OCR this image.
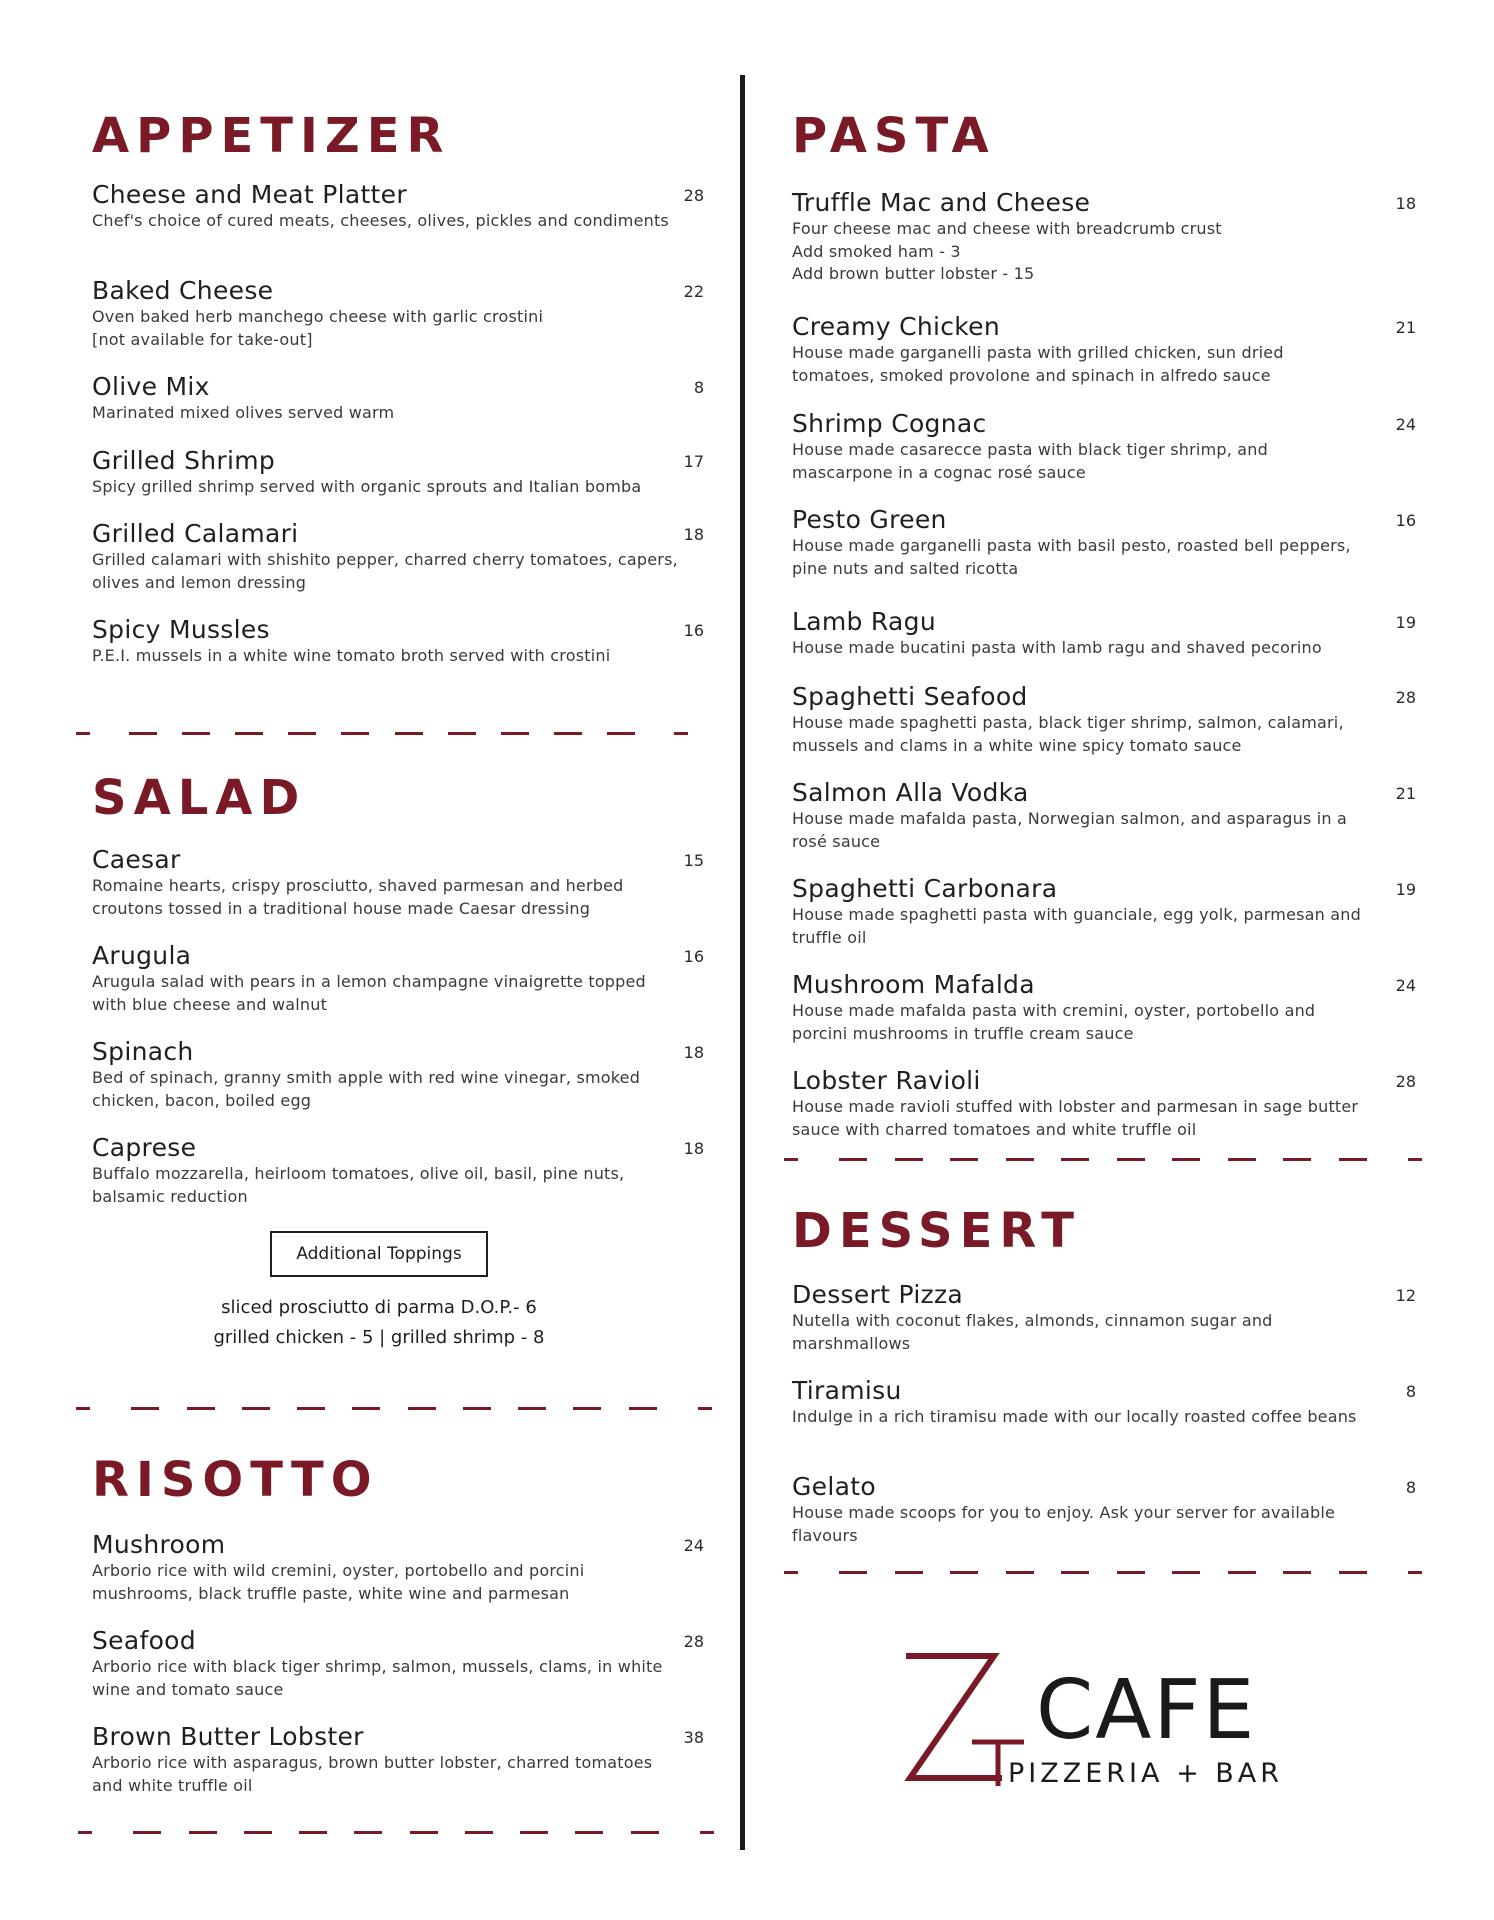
APPETIZER
Cheese and Meat Platter	28
Chef's choice of cured meats, cheeses, olives, pickles and condiments
Baked Cheese	22
Oven baked herb manchego cheese with garlic crostini
[not available for take-out]
Olive Mix	8
Marinated mixed olives served warm
Grilled Shrimp	17
Spicy grilled shrimp served with organic sprouts and Italian bomba
Grilled Calamari	18
Grilled calamari with shishito pepper, charred cherry tomatoes, capers, olives and lemon dressing
Spicy Mussles	16
P.E.I. mussels in a white wine tomato broth served with crostini
SALAD
Caesar	15
Romaine hearts, crispy prosciutto, shaved parmesan and herbed croutons tossed in a traditional house made Caesar dressing
Arugula	16
Arugula salad with pears in a lemon champagne vinaigrette topped with blue cheese and walnut
Spinach	18
Bed of spinach, granny smith apple with red wine vinegar, smoked chicken, bacon, boiled egg
Caprese	18
Buffalo mozzarella, heirloom tomatoes, olive oil, basil, pine nuts, balsamic reduction
Additional Toppings
sliced prosciutto di parma D.O.P.- 6
grilled chicken - 5 | grilled shrimp - 8
RISOTTO
Mushroom	24
Arborio rice with wild cremini, oyster, portobello and porcini mushrooms, black truffle paste, white wine and parmesan
Seafood	28
Arborio rice with black tiger shrimp, salmon, mussels, clams, in white wine and tomato sauce
Brown Butter Lobster	38
Arborio rice with asparagus, brown butter lobster, charred tomatoes and white truffle oil
PASTA
Truffle Mac and Cheese	18
Four cheese mac and cheese with breadcrumb crust
Add smoked ham - 3
Add brown butter lobster - 15
Creamy Chicken	21
House made garganelli pasta with grilled chicken, sun dried tomatoes, smoked provolone and spinach in alfredo sauce
Shrimp Cognac	24
House made casarecce pasta with black tiger shrimp, and mascarpone in a cognac rosé sauce
Pesto Green	16
House made garganelli pasta with basil pesto, roasted bell peppers, pine nuts and salted ricotta
Lamb Ragu	19
House made bucatini pasta with lamb ragu and shaved pecorino
Spaghetti Seafood	28
House made spaghetti pasta, black tiger shrimp, salmon, calamari, mussels and clams in a white wine spicy tomato sauce
Salmon Alla Vodka	21
House made mafalda pasta, Norwegian salmon, and asparagus in a rosé sauce
Spaghetti Carbonara	19
House made spaghetti pasta with guanciale, egg yolk, parmesan and truffle oil
Mushroom Mafalda	24
House made mafalda pasta with cremini, oyster, portobello and porcini mushrooms in truffle cream sauce
Lobster Ravioli	28
House made ravioli stuffed with lobster and parmesan in sage butter sauce with charred tomatoes and white truffle oil
DESSERT
Dessert Pizza	12
Nutella with coconut flakes, almonds, cinnamon sugar and marshmallows
Tiramisu	8
Indulge in a rich tiramisu made with our locally roasted coffee beans
Gelato	8
House made scoops for you to enjoy. Ask your server for available flavours
CAFE
PIZZERIA + BAR
